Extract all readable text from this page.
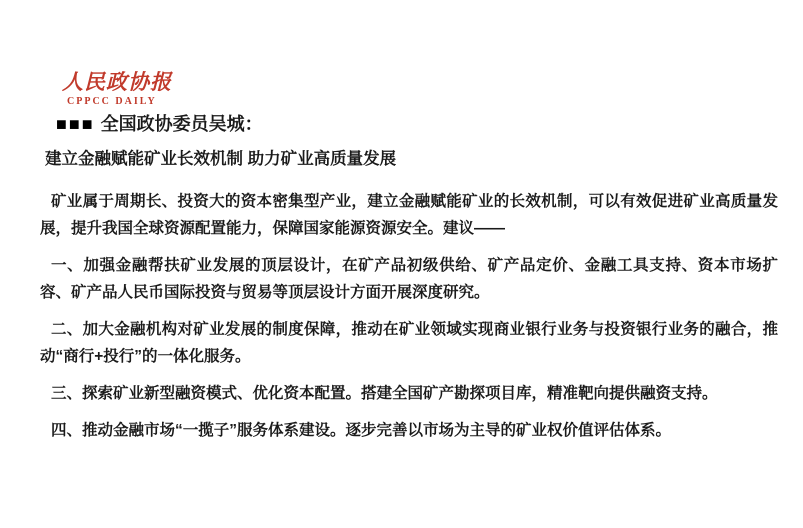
人民政协报
CPPCC DAILY
■■■ 全国政协委员吴城：
建立金融赋能矿业长效机制 助力矿业高质量发展

矿业属于周期长、投资大的资本密集型产业，建立金融赋能矿业的长效机制，可以有效促进矿业高质量发展，提升我国全球资源配置能力，保障国家能源资源安全。建议——

一、加强金融帮扶矿业发展的顶层设计，在矿产品初级供给、矿产品定价、金融工具支持、资本市场扩容、矿产品人民币国际投资与贸易等顶层设计方面开展深度研究。

二、加大金融机构对矿业发展的制度保障，推动在矿业领域实现商业银行业务与投资银行业务的融合，推动“商行+投行”的一体化服务。

三、探索矿业新型融资模式、优化资本配置。搭建全国矿产勘探项目库，精准靶向提供融资支持。

四、推动金融市场“一揽子”服务体系建设。逐步完善以市场为主导的矿业权价值评估体系。
